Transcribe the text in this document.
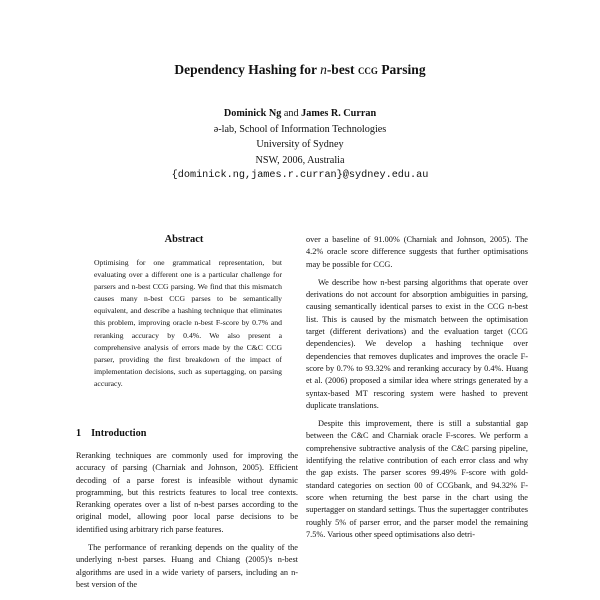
Dependency Hashing for n-best ccg Parsing
Dominick Ng and James R. Curran
ə-lab, School of Information Technologies
University of Sydney
NSW, 2006, Australia
{dominick.ng,james.r.curran}@sydney.edu.au
Abstract
Optimising for one grammatical representation, but evaluating over a different one is a particular challenge for parsers and n-best CCG parsing. We find that this mismatch causes many n-best CCG parses to be semantically equivalent, and describe a hashing technique that eliminates this problem, improving oracle n-best F-score by 0.7% and reranking accuracy by 0.4%. We also present a comprehensive analysis of errors made by the C&C CCG parser, providing the first breakdown of the impact of implementation decisions, such as supertagging, on parsing accuracy.
1 Introduction

Reranking techniques are commonly used for improving the accuracy of parsing (Charniak and Johnson, 2005). Efficient decoding of a parse forest is infeasible without dynamic programming, but this restricts features to local tree contexts. Reranking operates over a list of n-best parses according to the original model, allowing poor local parse decisions to be identified using arbitrary rich parse features.

The performance of reranking depends on the quality of the underlying n-best parses. Huang and Chiang (2005)'s n-best algorithms are used in a wide variety of parsers, including an n-best version of the

over a baseline of 91.00% (Charniak and Johnson, 2005). The 4.2% oracle score difference suggests that further optimisations may be possible for CCG.

We describe how n-best parsing algorithms that operate over derivations do not account for absorption ambiguities in parsing, causing semantically identical parses to exist in the CCG n-best list. This is caused by the mismatch between the optimisation target (different derivations) and the evaluation target (CCG dependencies). We develop a hashing technique over dependencies that removes duplicates and improves the oracle F-score by 0.7% to 93.32% and reranking accuracy by 0.4%. Huang et al. (2006) proposed a similar idea where strings generated by a syntax-based MT rescoring system were hashed to prevent duplicate translations.

Despite this improvement, there is still a substantial gap between the C&C and Charniak oracle F-scores. We perform a comprehensive subtractive analysis of the C&C parsing pipeline, identifying the relative contribution of each error class and why the gap exists. The parser scores 99.49% F-score with gold-standard categories on section 00 of CCGbank, and 94.32% F-score when returning the best parse in the chart using the supertagger on standard settings. Thus the supertagger contributes roughly 5% of parser error, and the parser model the remaining 7.5%. Various other speed optimisations also detri-
